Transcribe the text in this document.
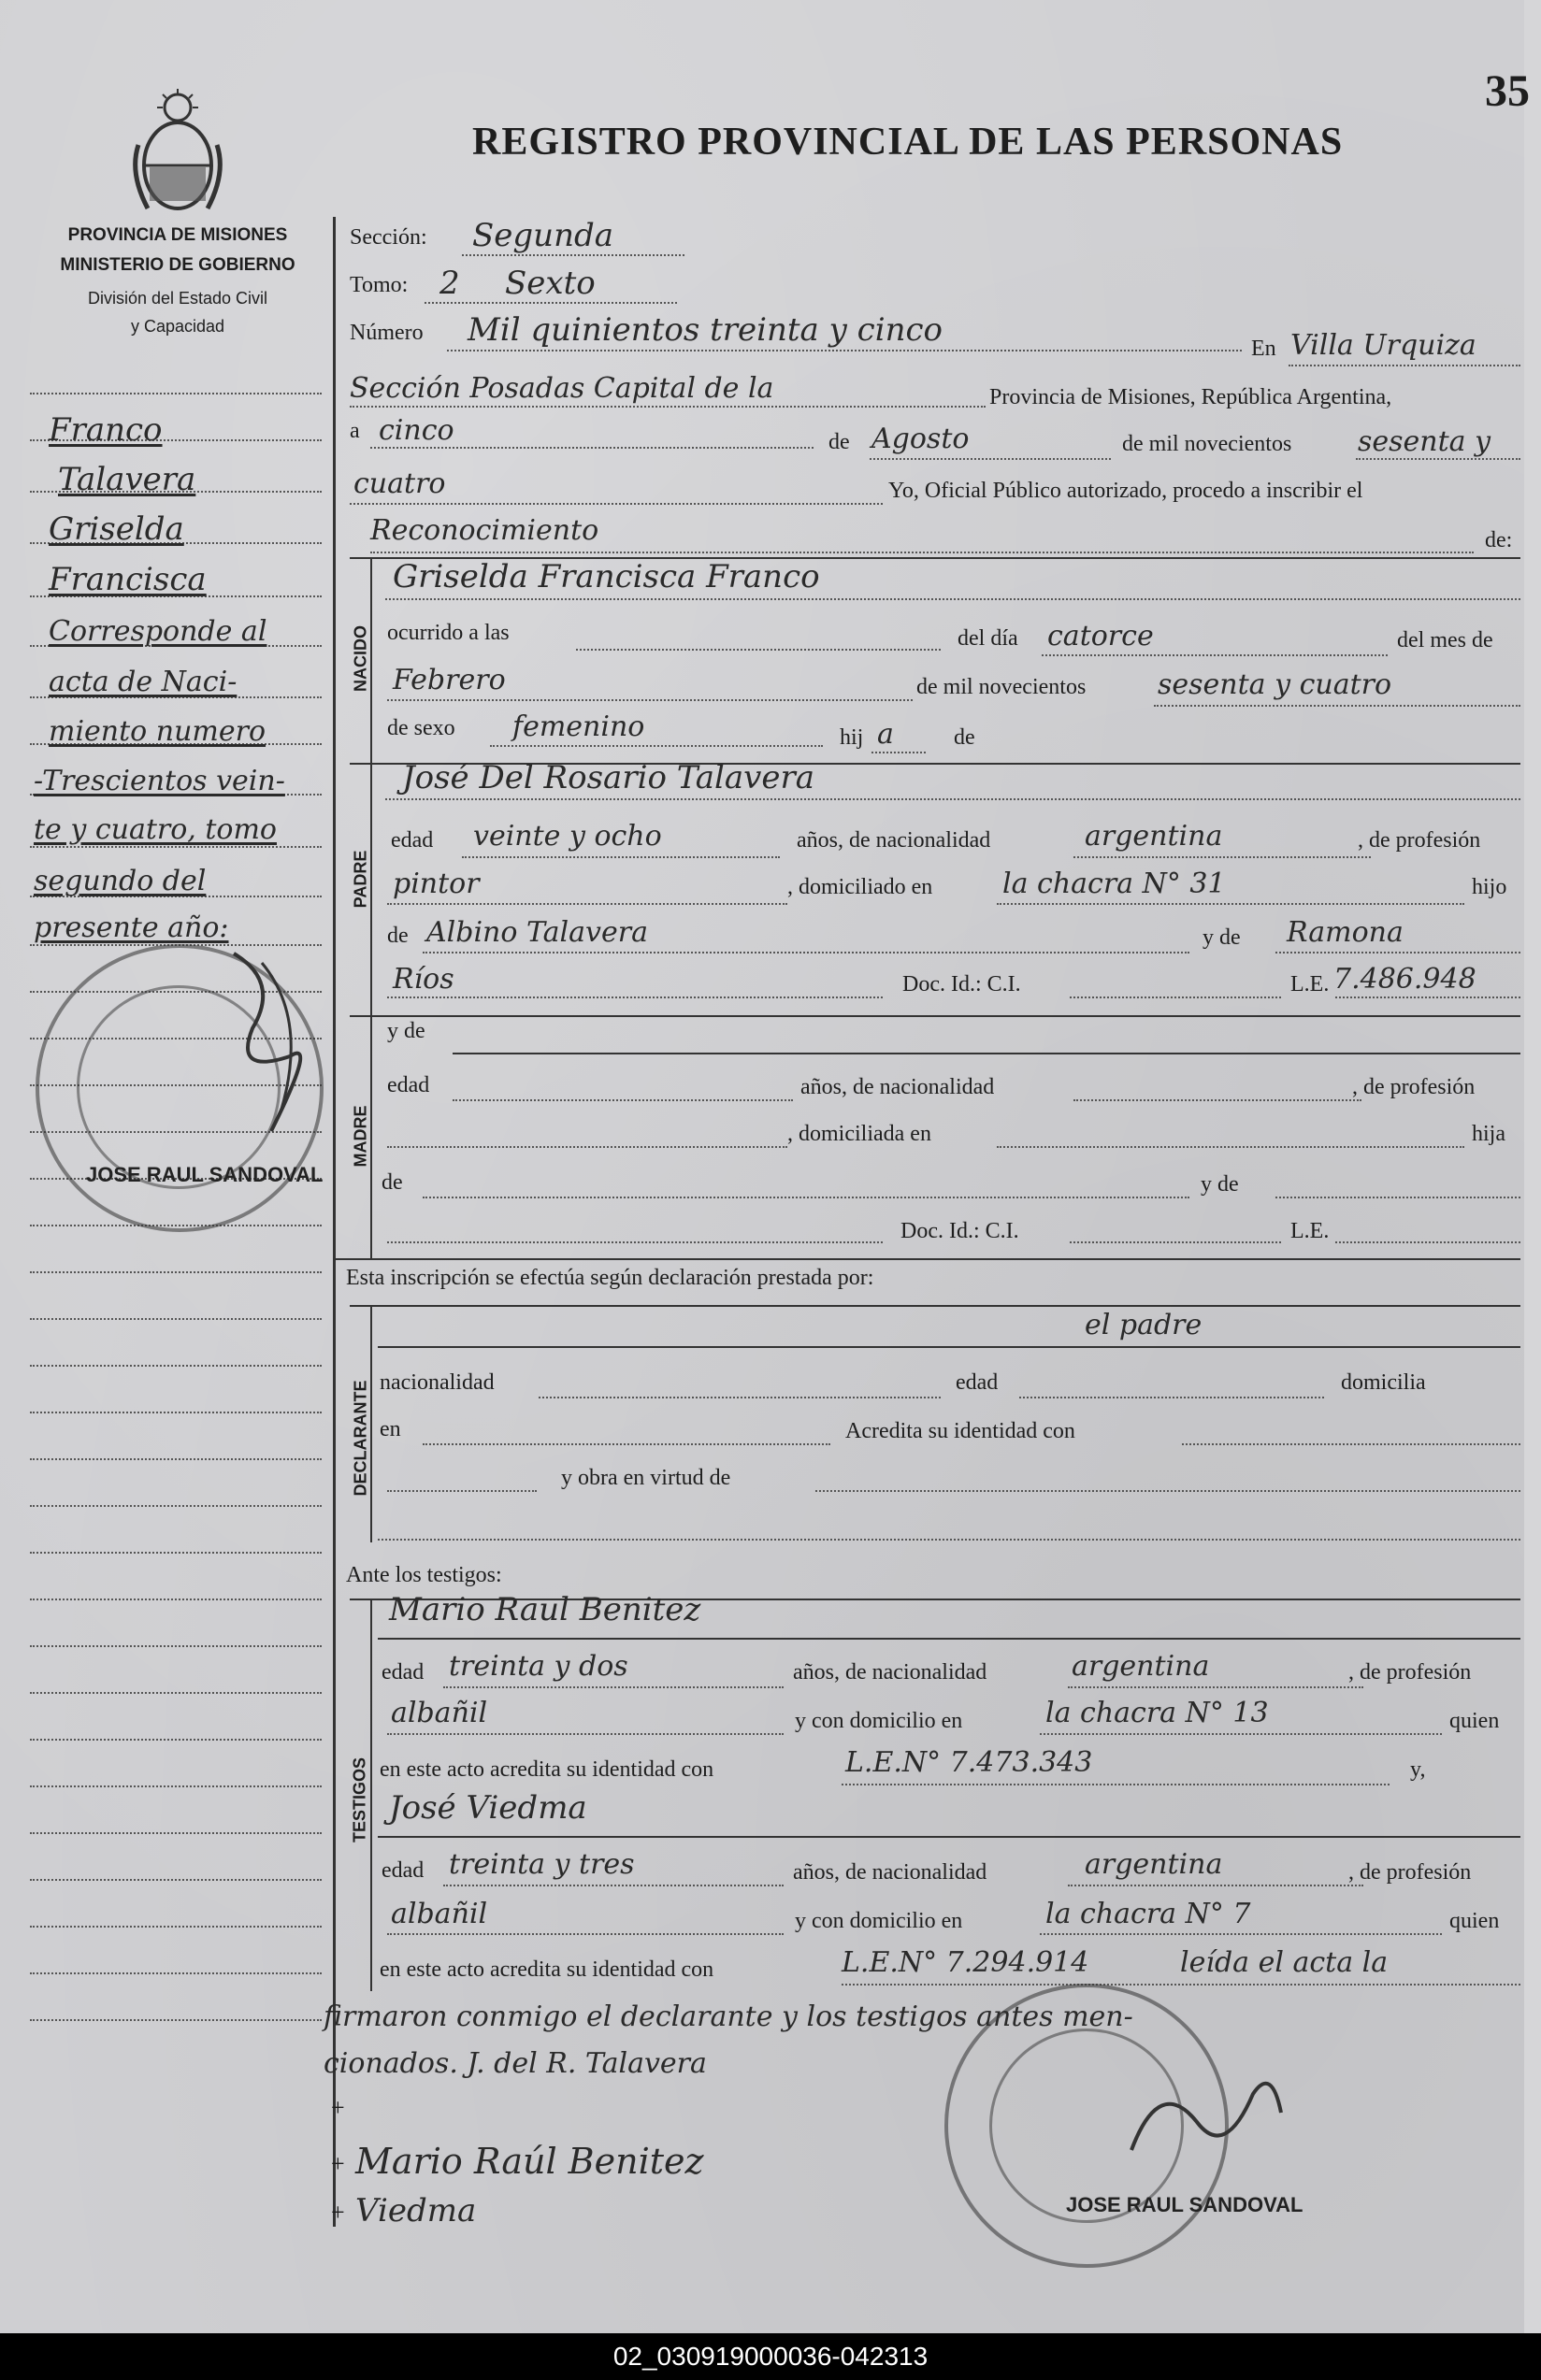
35
REGISTRO PROVINCIAL DE LAS PERSONAS
PROVINCIA DE MISIONES
MINISTERIO DE GOBIERNO
División del Estado Civil
y Capacidad
Franco
Talavera
Griselda
Francisca
Corresponde al
acta de Naci-
miento numero
-Trescientos vein-
te y cuatro, tomo
segundo del
presente año:
JOSE RAUL SANDOVAL
Sección: Segunda
Tomo: 2 Sexto
Número Mil quinientos treinta y cinco	En Villa Urquiza
Sección Posadas Capital de la	Provincia de Misiones, República Argentina,
a cinco	de Agosto	de mil novecientos sesenta y
cuatro	Yo, Oficial Público autorizado, procedo a inscribir el
Reconocimiento	de:
NACIDO
Griselda Francisca Franco
ocurrido a las	del día catorce	del mes de
Febrero	de mil novecientos	sesenta y cuatro
de sexo femenino	hij a	de
PADRE
José Del Rosario Talavera
edad veinte y ocho	años, de nacionalidad	argentina	, de profesión
pintor	, domiciliado en la chacra N° 31	hijo
de Albino Talavera	y de Ramona
Ríos	Doc. Id.: C.I.	L.E. 7.486.948
MADRE
y de
edad	años, de nacionalidad	, de profesión
, domiciliada en	hija
de	y de
Doc. Id.: C.I.	L.E.
Esta inscripción se efectúa según declaración prestada por:
DECLARANTE
el padre
nacionalidad	edad	domicilia
en	Acredita su identidad con
y obra en virtud de
Ante los testigos:
TESTIGOS
Mario Raul Benitez
edad treinta y dos	años, de nacionalidad	argentina	, de profesión
albañil	y con domicilio en	la chacra N° 13	quien
en este acto acredita su identidad con	L.E.N° 7.473.343	y,
José Viedma
edad treinta y tres	años, de nacionalidad	argentina	, de profesión
albañil	y con domicilio en	la chacra N° 7	quien
en este acto acredita su identidad con	L.E.N° 7.294.914	leída el acta la
firmaron conmigo el declarante y los testigos antes men-
cionados. J. del R. Talavera
+
+
+
Mario Raúl Benitez
Viedma	JOSE RAUL SANDOVAL
02_030919000036-042313
